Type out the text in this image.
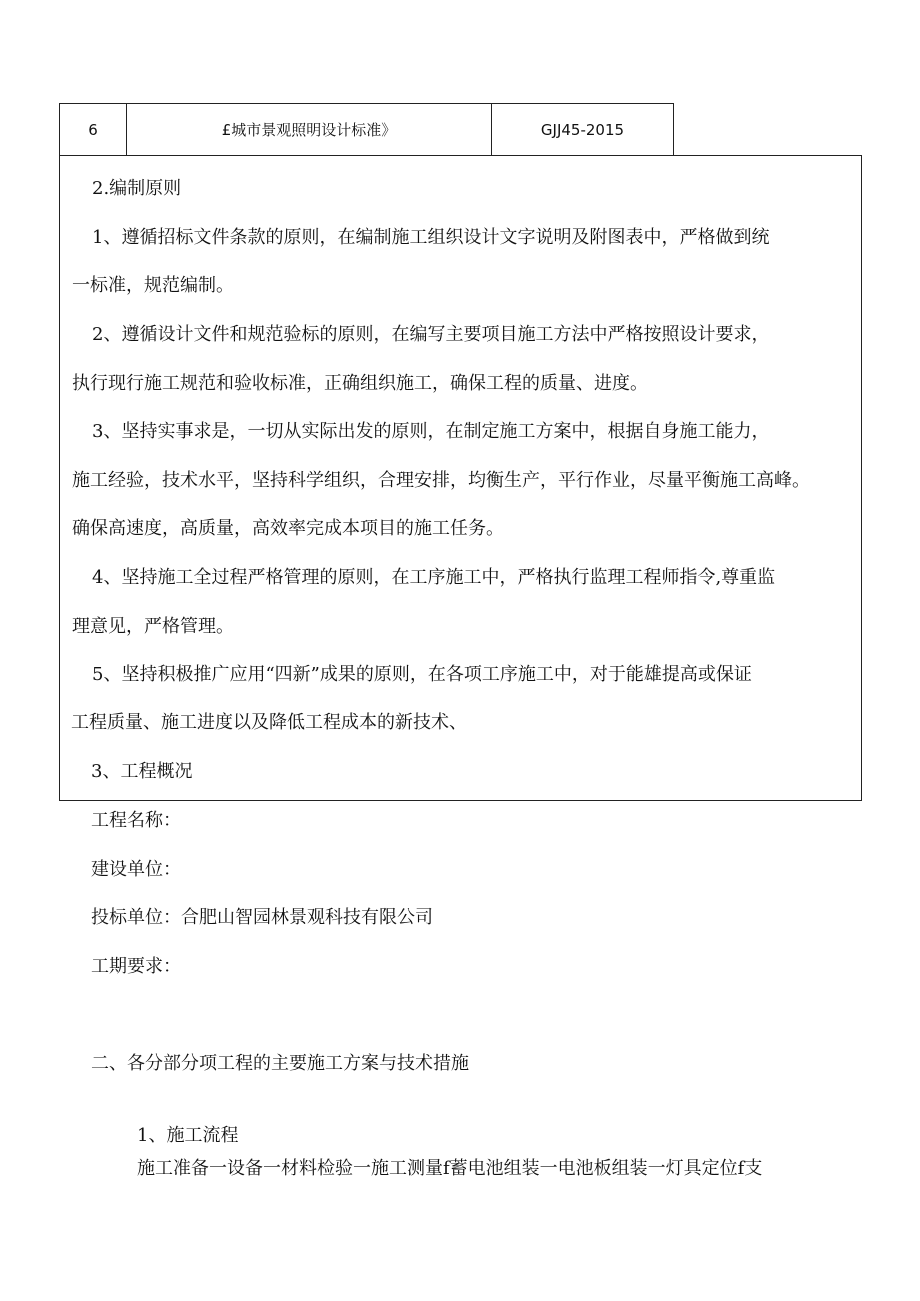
6	£城市景观照明设计标准》	GJJ45-2015
2.编制原则
1、遵循招标文件条款的原则，在编制施工组织设计文字说明及附图表中，严格做到统
一标准，规范编制。
2、遵循设计文件和规范验标的原则，在编写主要项目施工方法中严格按照设计要求，
执行现行施工规范和验收标准，正确组织施工，确保工程的质量、进度。
3、坚持实事求是，一切从实际出发的原则，在制定施工方案中，根据自身施工能力，
施工经验，技术水平，坚持科学组织，合理安排，均衡生产，平行作业，尽量平衡施工高峰。
确保高速度，高质量，高效率完成本项目的施工任务。
4、坚持施工全过程严格管理的原则，在工序施工中，严格执行监理工程师指令,尊重监
理意见，严格管理。
5、坚持积极推广应用“四新”成果的原则，在各项工序施工中，对于能雄提高或保证
工程质量、施工进度以及降低工程成本的新技术、
3、工程概况
工程名称：
建设单位：
投标单位：合肥山智园林景观科技有限公司
工期要求：
二、各分部分项工程的主要施工方案与技术措施
1、施工流程
施工准备一设备一材料检验一施工测量f蓄电池组装一电池板组装一灯具定位f支
